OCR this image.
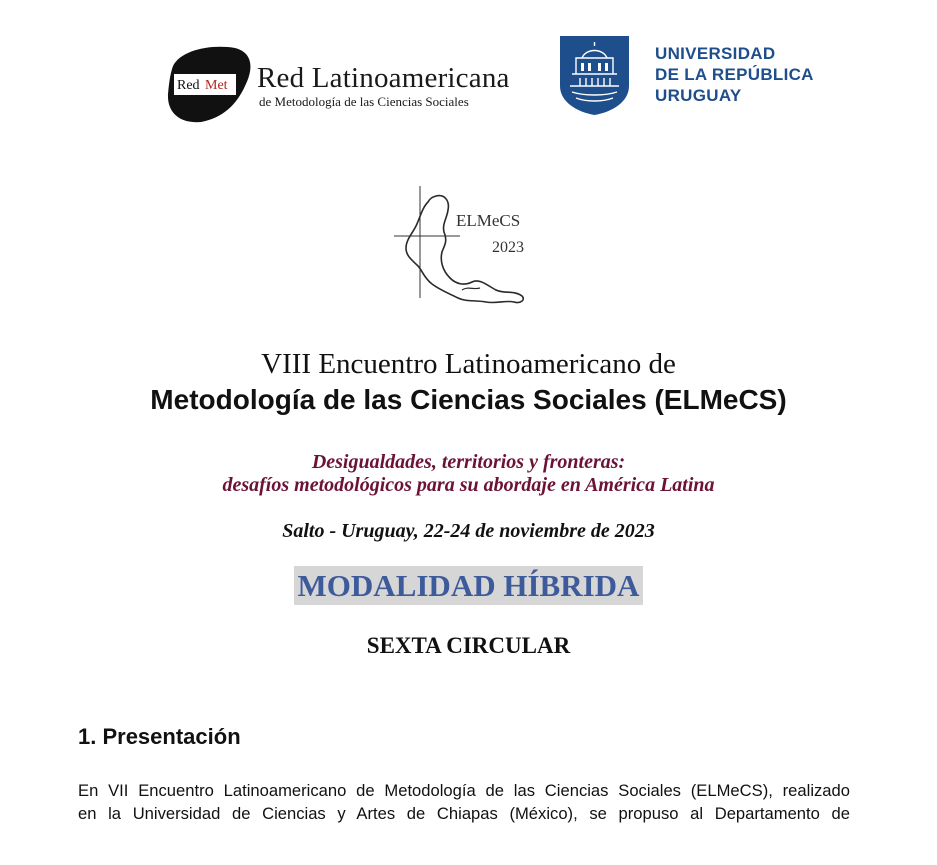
Red Met Red Latinoamericana
de Metodología de las Ciencias Sociales
UNIVERSIDAD
DE LA REPÚBLICA
URUGUAY
ELMeCS
2023
VIII Encuentro Latinoamericano de
Metodología de las Ciencias Sociales (ELMeCS)
Desigualdades, territorios y fronteras:
desafíos metodológicos para su abordaje en América Latina
Salto - Uruguay, 22-24 de noviembre de 2023
MODALIDAD HÍBRIDA
SEXTA CIRCULAR
1. Presentación
En VII Encuentro Latinoamericano de Metodología de las Ciencias Sociales (ELMeCS), realizado
en la Universidad de Ciencias y Artes de Chiapas (México), se propuso al Departamento de
